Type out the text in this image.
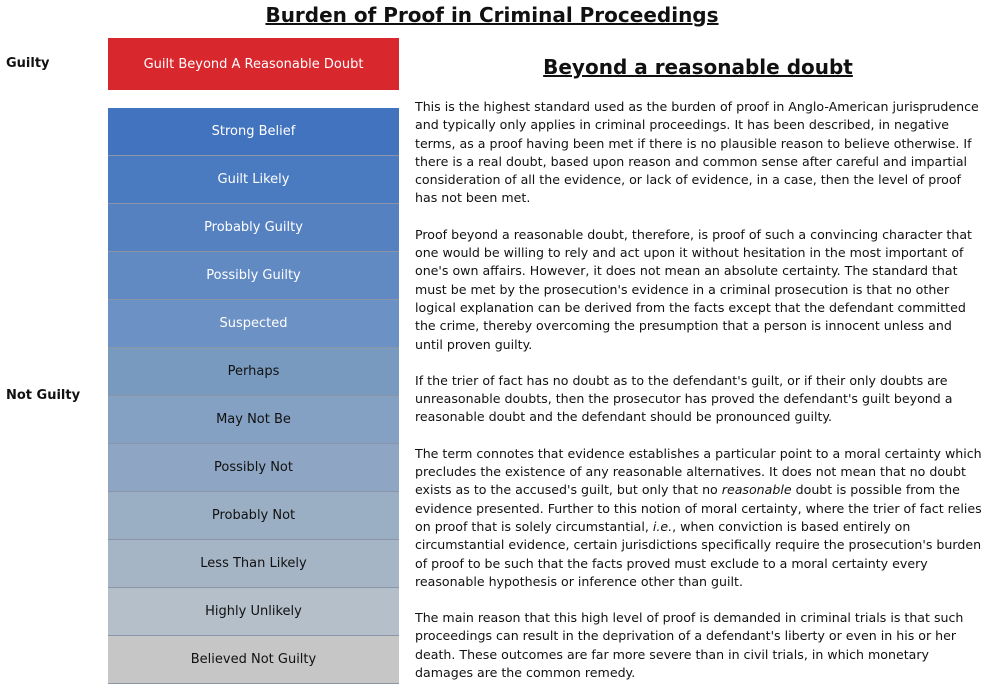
Burden of Proof in Criminal Proceedings
Guilty
Not Guilty
Guilt Beyond A Reasonable Doubt
Strong Belief
Guilt Likely
Probably Guilty
Possibly Guilty
Suspected
Perhaps
May Not Be
Possibly Not
Probably Not
Less Than Likely
Highly Unlikely
Believed Not Guilty
Beyond a reasonable doubt

This is the highest standard used as the burden of proof in Anglo-American jurisprudence and typically only applies in criminal proceedings. It has been described, in negative terms, as a proof having been met if there is no plausible reason to believe otherwise. If there is a real doubt, based upon reason and common sense after careful and impartial consideration of all the evidence, or lack of evidence, in a case, then the level of proof has not been met.

Proof beyond a reasonable doubt, therefore, is proof of such a convincing character that one would be willing to rely and act upon it without hesitation in the most important of one's own affairs. However, it does not mean an absolute certainty. The standard that must be met by the prosecution's evidence in a criminal prosecution is that no other logical explanation can be derived from the facts except that the defendant committed the crime, thereby overcoming the presumption that a person is innocent unless and until proven guilty.

If the trier of fact has no doubt as to the defendant's guilt, or if their only doubts are unreasonable doubts, then the prosecutor has proved the defendant's guilt beyond a reasonable doubt and the defendant should be pronounced guilty.

The term connotes that evidence establishes a particular point to a moral certainty which precludes the existence of any reasonable alternatives. It does not mean that no doubt exists as to the accused's guilt, but only that no reasonable doubt is possible from the evidence presented. Further to this notion of moral certainty, where the trier of fact relies on proof that is solely circumstantial, i.e., when conviction is based entirely on circumstantial evidence, certain jurisdictions specifically require the prosecution's burden of proof to be such that the facts proved must exclude to a moral certainty every reasonable hypothesis or inference other than guilt.

The main reason that this high level of proof is demanded in criminal trials is that such proceedings can result in the deprivation of a defendant's liberty or even in his or her death. These outcomes are far more severe than in civil trials, in which monetary damages are the common remedy.
